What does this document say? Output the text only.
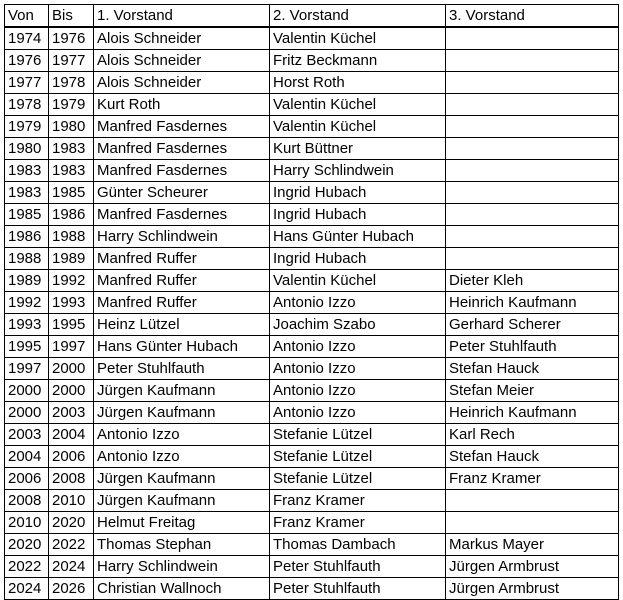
Von	Bis	1. Vorstand	2. Vorstand	3. Vorstand
1974	1976	Alois Schneider	Valentin Küchel	
1976	1977	Alois Schneider	Fritz Beckmann	
1977	1978	Alois Schneider	Horst Roth	
1978	1979	Kurt Roth	Valentin Küchel	
1979	1980	Manfred Fasdernes	Valentin Küchel	
1980	1983	Manfred Fasdernes	Kurt Büttner	
1983	1983	Manfred Fasdernes	Harry Schlindwein	
1983	1985	Günter Scheurer	Ingrid Hubach	
1985	1986	Manfred Fasdernes	Ingrid Hubach	
1986	1988	Harry Schlindwein	Hans Günter Hubach	
1988	1989	Manfred Ruffer	Ingrid Hubach	
1989	1992	Manfred Ruffer	Valentin Küchel	Dieter Kleh
1992	1993	Manfred Ruffer	Antonio Izzo	Heinrich Kaufmann
1993	1995	Heinz Lützel	Joachim Szabo	Gerhard Scherer
1995	1997	Hans Günter Hubach	Antonio Izzo	Peter Stuhlfauth
1997	2000	Peter Stuhlfauth	Antonio Izzo	Stefan Hauck
2000	2000	Jürgen Kaufmann	Antonio Izzo	Stefan Meier
2000	2003	Jürgen Kaufmann	Antonio Izzo	Heinrich Kaufmann
2003	2004	Antonio Izzo	Stefanie Lützel	Karl Rech
2004	2006	Antonio Izzo	Stefanie Lützel	Stefan Hauck
2006	2008	Jürgen Kaufmann	Stefanie Lützel	Franz Kramer
2008	2010	Jürgen Kaufmann	Franz Kramer	
2010	2020	Helmut Freitag	Franz Kramer	
2020	2022	Thomas Stephan	Thomas Dambach	Markus Mayer
2022	2024	Harry Schlindwein	Peter Stuhlfauth	Jürgen Armbrust
2024	2026	Christian Wallnoch	Peter Stuhlfauth	Jürgen Armbrust
